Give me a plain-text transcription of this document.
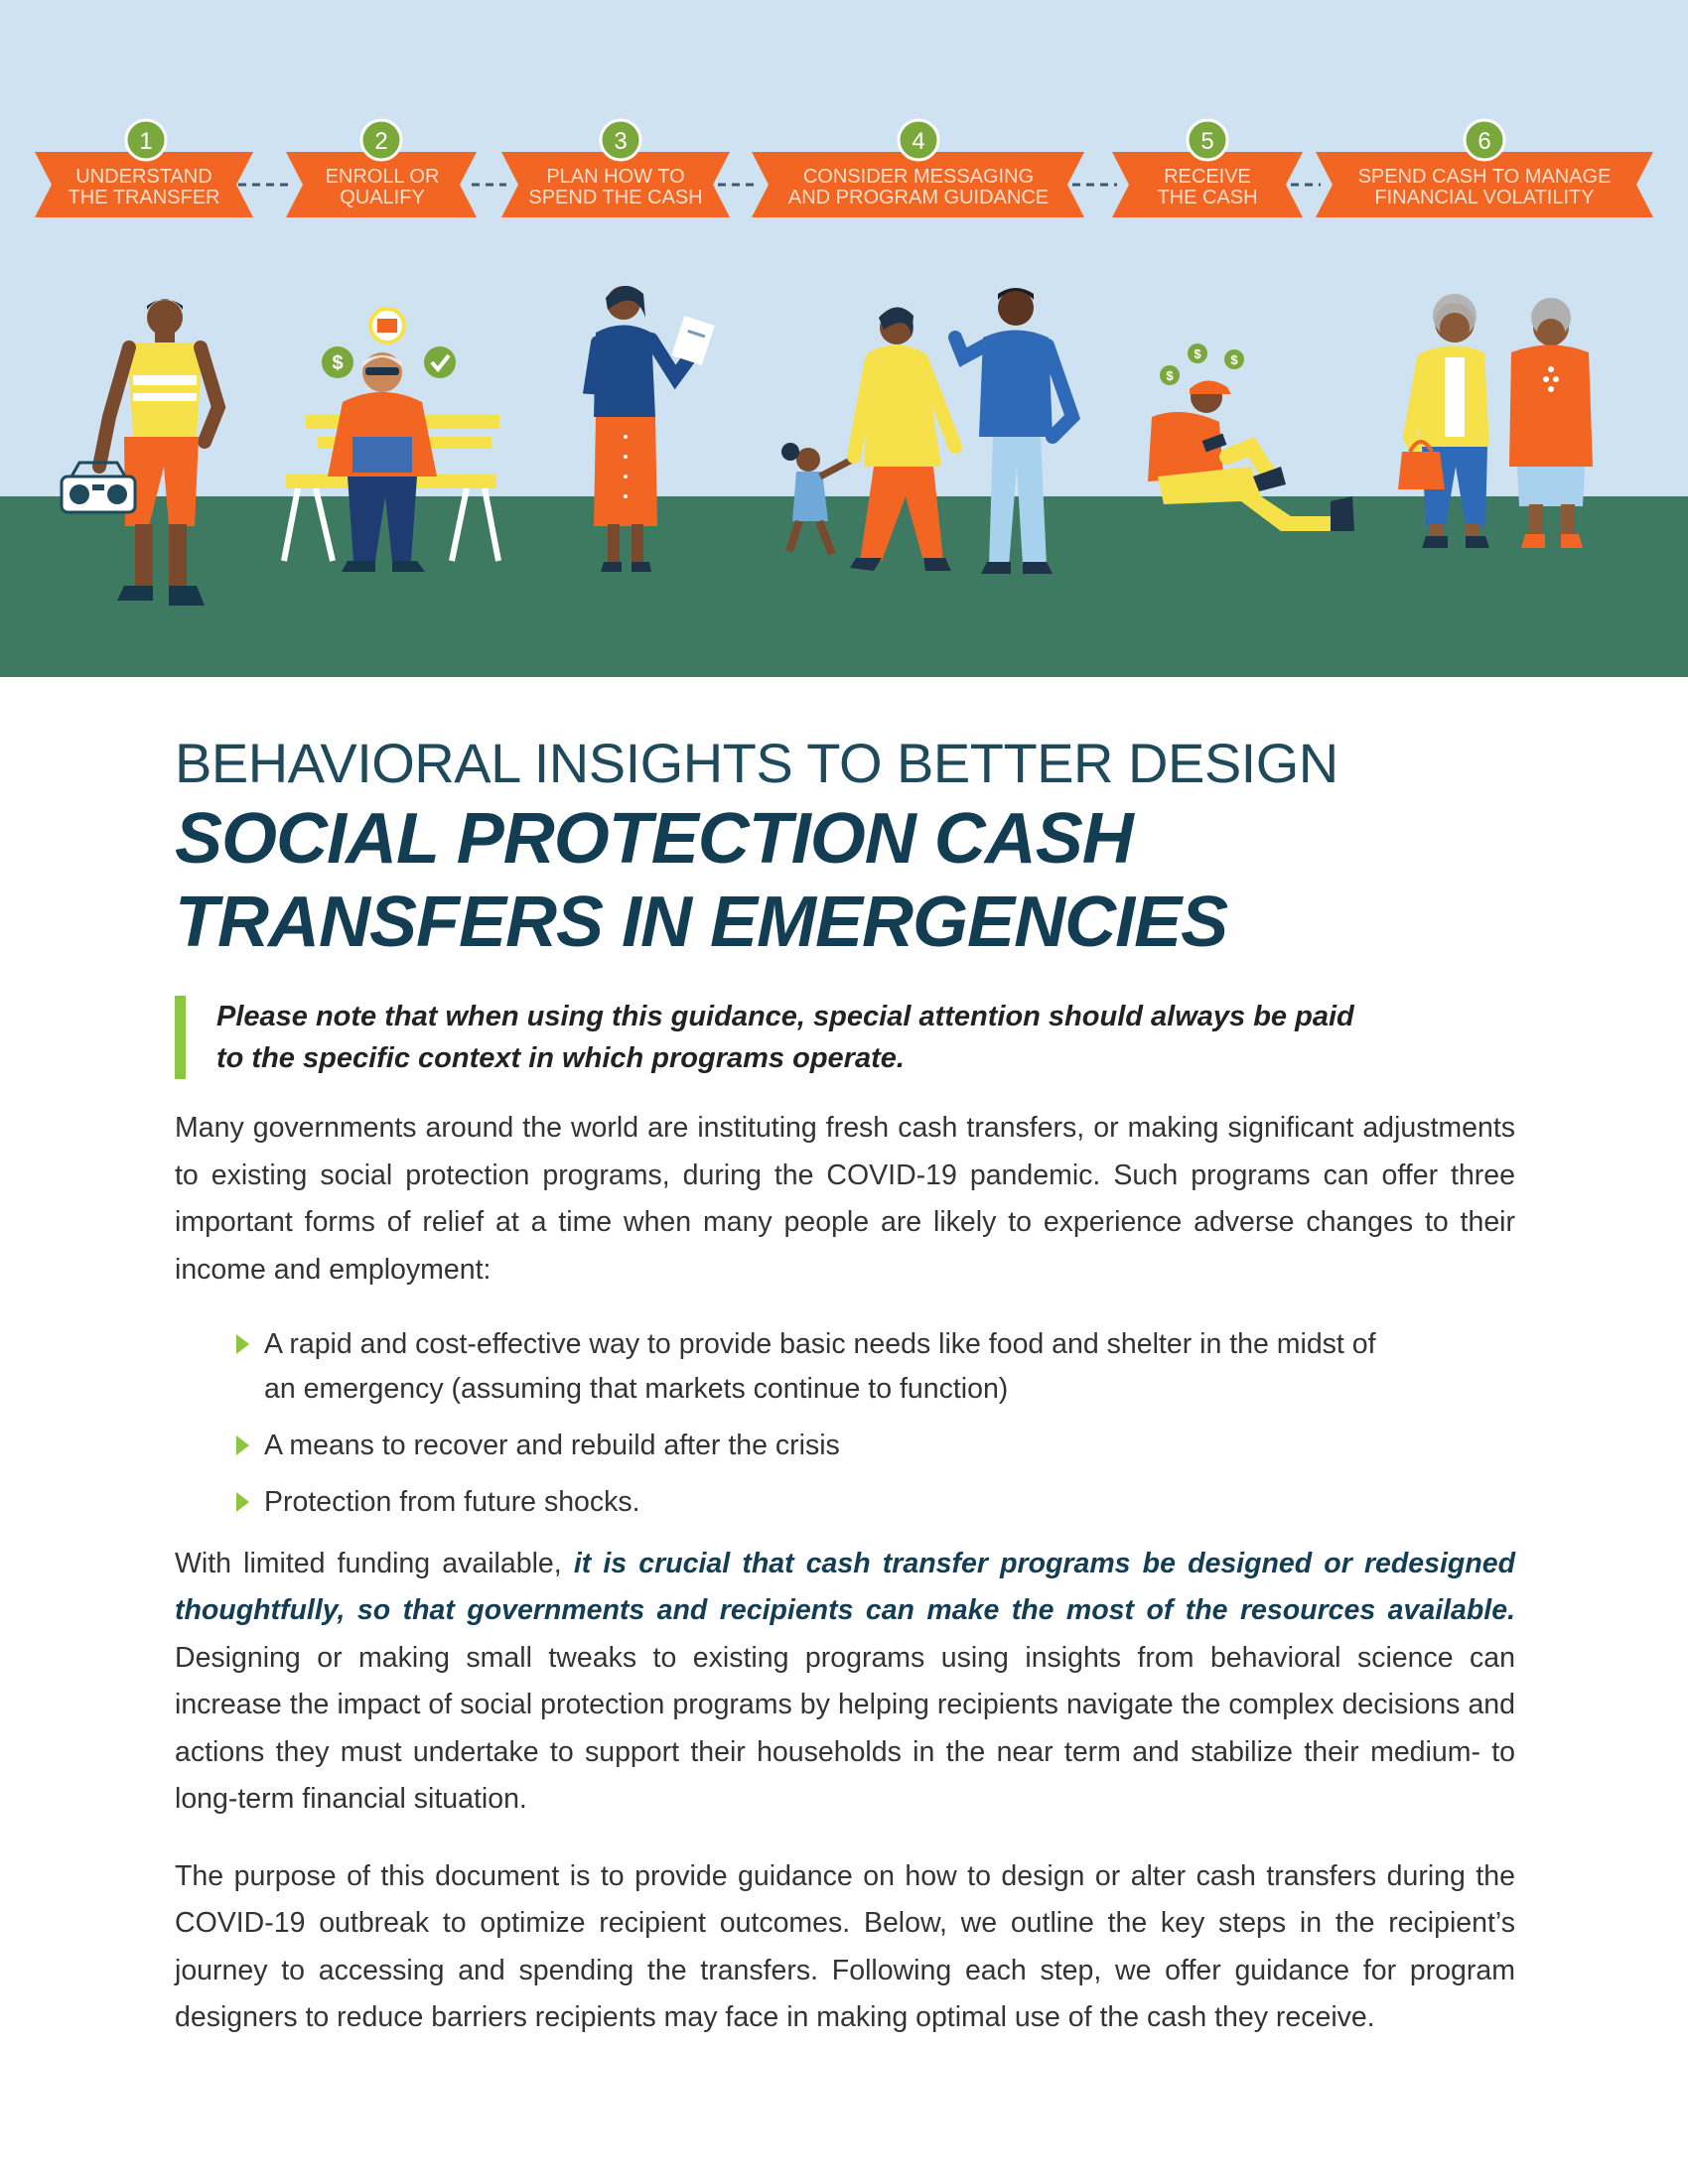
1
UNDERSTAND
THE TRANSFER
2
ENROLL OR
QUALIFY
3
PLAN HOW TO
SPEND THE CASH
4
CONSIDER MESSAGING
AND PROGRAM GUIDANCE
5
RECEIVE
THE CASH
6
SPEND CASH TO MANAGE
FINANCIAL VOLATILITY
$
$
$ $
BEHAVIORAL INSIGHTS TO BETTER DESIGN
SOCIAL PROTECTION CASH
TRANSFERS IN EMERGENCIES
Please note that when using this guidance, special attention should always be paid
to the specific context in which programs operate.

Many governments around the world are instituting fresh cash transfers, or making significant adjustments to existing social protection programs, during the COVID-19 pandemic. Such programs can offer three important forms of relief at a time when many people are likely to experience adverse changes to their income and employment:

A rapid and cost-effective way to provide basic needs like food and shelter in the midst of an emergency (assuming that markets continue to function)
A means to recover and rebuild after the crisis
Protection from future shocks.

With limited funding available, it is crucial that cash transfer programs be designed or redesigned thoughtfully, so that governments and recipients can make the most of the resources available. Designing or making small tweaks to existing programs using insights from behavioral science can increase the impact of social protection programs by helping recipients navigate the complex decisions and actions they must undertake to support their households in the near term and stabilize their medium- to long-term financial situation.

The purpose of this document is to provide guidance on how to design or alter cash transfers during the COVID-19 outbreak to optimize recipient outcomes. Below, we outline the key steps in the recipient’s journey to accessing and spending the transfers. Following each step, we offer guidance for program designers to reduce barriers recipients may face in making optimal use of the cash they receive.
